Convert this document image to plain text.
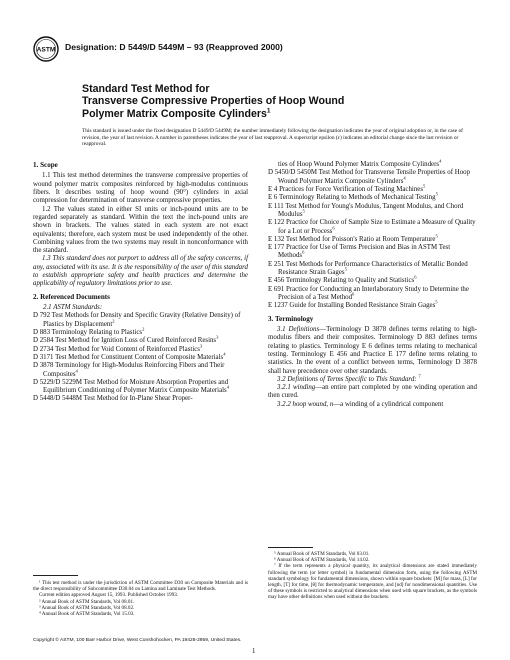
ASTM Designation: D 5449/D 5449M – 93 (Reapproved 2000)
Standard Test Method for
Transverse Compressive Properties of Hoop Wound
Polymer Matrix Composite Cylinders$^1$
This standard is issued under the fixed designation D 5449/D 5449M; the number immediately following the designation indicates the year of original adoption or, in the case of revision, the year of last revision. A number in parentheses indicates the year of last reapproval. A superscript epsilon (ε) indicates an editorial change since the last revision or reapproval.

1. Scope

1.1 This test method determines the transverse compressive properties of wound polymer matrix composites reinforced by high-modulus continuous fibers. It describes testing of hoop wound (90°) cylinders in axial compression for determination of transverse compressive properties.

1.2 The values stated in either SI units or inch-pound units are to be regarded separately as standard. Within the text the inch-pound units are shown in brackets. The values stated in each system are not exact equivalents; therefore, each system must be used independently of the other. Combining values from the two systems may result in nonconformance with the standard.

1.3 This standard does not purport to address all of the safety concerns, if any, associated with its use. It is the responsibility of the user of this standard to establish appropriate safety and health practices and determine the applicability of regulatory limitations prior to use.

2. Referenced Documents

2.1 ASTM Standards:

D 792 Test Methods for Density and Specific Gravity (Relative Density) of Plastics by Displacement$^2$

D 883 Terminology Relating to Plastics$^2$

D 2584 Test Method for Ignition Loss of Cured Reinforced Resins$^3$

D 2734 Test Method for Void Content of Reinforced Plastics$^3$

D 3171 Test Method for Constituent Content of Composite Materials$^4$

D 3878 Terminology for High-Modulus Reinforcing Fibers and Their Composites$^4$

D 5229/D 5229M Test Method for Moisture Absorption Properties and Equilibrium Conditioning of Polymer Matrix Composite Materials$^4$

D 5448/D 5448M Test Method for In-Plane Shear Proper-

ties of Hoop Wound Polymer Matrix Composite Cylinders$^4$

D 5450/D 5450M Test Method for Transverse Tensile Properties of Hoop Wound Polymer Matrix Composite Cylinders$^4$

E 4 Practices for Force Verification of Testing Machines$^5$

E 6 Terminology Relating to Methods of Mechanical Testing$^5$

E 111 Test Method for Young's Modulus, Tangent Modulus, and Chord Modulus$^5$

E 122 Practice for Choice of Sample Size to Estimate a Measure of Quality for a Lot or Process$^6$

E 132 Test Method for Poisson's Ratio at Room Temperature$^5$

E 177 Practice for Use of Terms Precision and Bias in ASTM Test Methods$^6$

E 251 Test Methods for Performance Characteristics of Metallic Bonded Resistance Strain Gages$^5$

E 456 Terminology Relating to Quality and Statistics$^6$

E 691 Practice for Conducting an Interlaboratory Study to Determine the Precision of a Test Method$^6$

E 1237 Guide for Installing Bonded Resistance Strain Gages$^5$

3. Terminology

3.1 Definitions—Terminology D 3878 defines terms relating to high-modulus fibers and their composites. Terminology D 883 defines terms relating to plastics. Terminology E 6 defines terms relating to mechanical testing. Terminology E 456 and Practice E 177 define terms relating to statistics. In the event of a conflict between terms, Terminology D 3878 shall have precedence over other standards.

3.2 Definitions of Terms Specific to This Standard: $^7$

3.2.1 winding—an entire part completed by one winding operation and then cured.

3.2.2 hoop wound, n—a winding of a cylindrical component

¹ This test method is under the jurisdiction of ASTM Committee D30 on Composite Materials and is the direct responsibility of Subcommittee D30.04 on Lamina and Laminate Test Methods.

Current edition approved August 15, 1993. Published October 1993.

² Annual Book of ASTM Standards, Vol 08.01.

³ Annual Book of ASTM Standards, Vol 08.02.

⁴ Annual Book of ASTM Standards, Vol 15.03.

⁵ Annual Book of ASTM Standards, Vol 03.01.

⁶ Annual Book of ASTM Standards, Vol 14.02.

⁷ If the term represents a physical quantity, its analytical dimensions are stated immediately following the term (or letter symbol) in fundamental dimension form, using the following ASTM standard symbology for fundamental dimensions, shown within square brackets: [M] for mass, [L] for length, [T] for time, [θ] for thermodynamic temperature, and [nd] for nondimensional quantities. Use of these symbols is restricted to analytical dimensions when used with square brackets, as the symbols may have other definitions when used without the brackets.

Copyright © ASTM, 100 Barr Harbor Drive, West Conshohocken, PA 19428-2959, United States.
1
